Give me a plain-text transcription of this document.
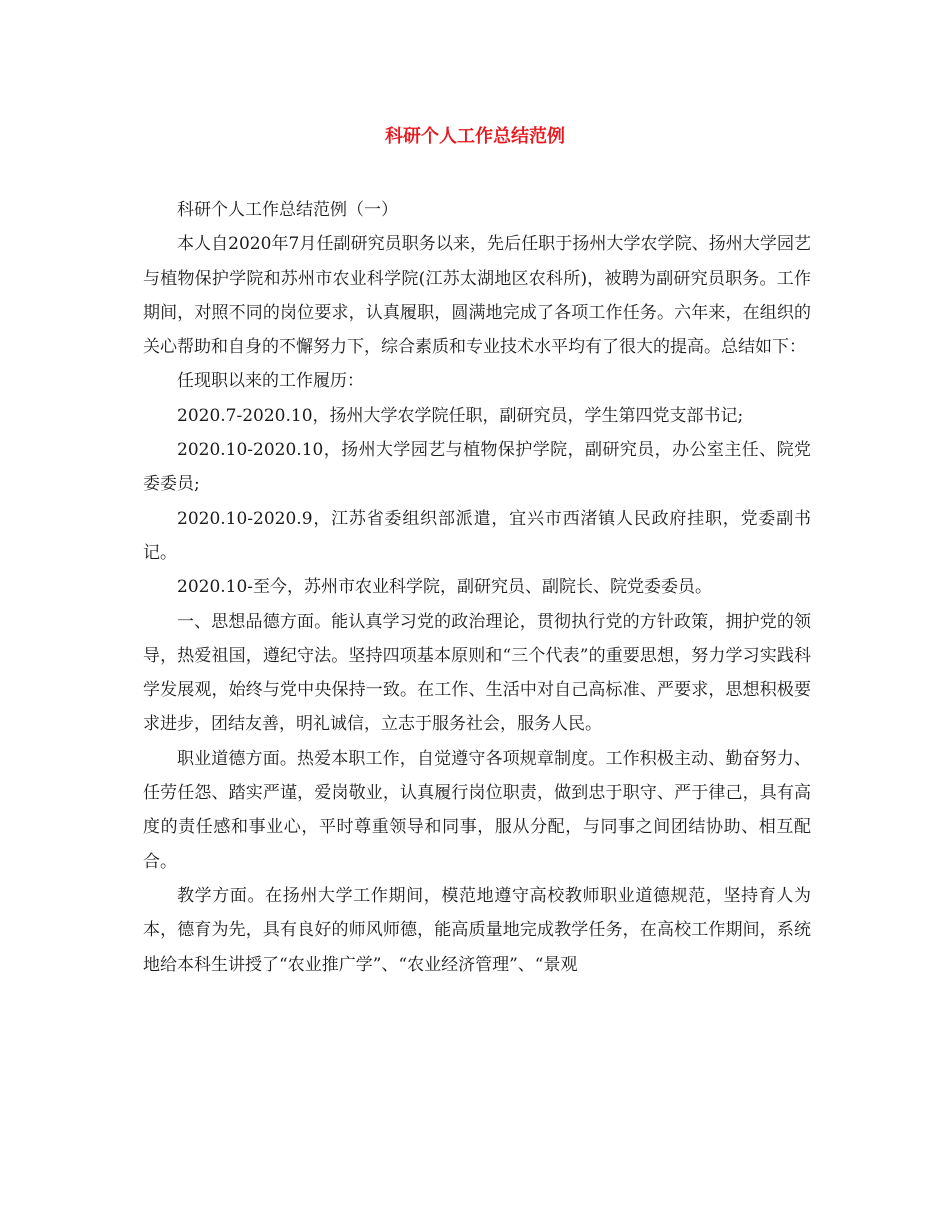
科研个人工作总结范例

科研个人工作总结范例（一）

本人自2020年7月任副研究员职务以来，先后任职于扬州大学农学院、扬州大学园艺与植物保护学院和苏州市农业科学院(江苏太湖地区农科所)，被聘为副研究员职务。工作期间，对照不同的岗位要求，认真履职，圆满地完成了各项工作任务。六年来，在组织的关心帮助和自身的不懈努力下，综合素质和专业技术水平均有了很大的提高。总结如下：

任现职以来的工作履历：

2020.7-2020.10，扬州大学农学院任职，副研究员，学生第四党支部书记;

2020.10-2020.10，扬州大学园艺与植物保护学院，副研究员，办公室主任、院党委委员;

2020.10-2020.9，江苏省委组织部派遣，宜兴市西渚镇人民政府挂职，党委副书记。

2020.10-至今，苏州市农业科学院，副研究员、副院长、院党委委员。

一、思想品德方面。能认真学习党的政治理论，贯彻执行党的方针政策，拥护党的领导，热爱祖国，遵纪守法。坚持四项基本原则和“三个代表”的重要思想，努力学习实践科学发展观，始终与党中央保持一致。在工作、生活中对自己高标准、严要求，思想积极要求进步，团结友善，明礼诚信，立志于服务社会，服务人民。

职业道德方面。热爱本职工作，自觉遵守各项规章制度。工作积极主动、勤奋努力、任劳任怨、踏实严谨，爱岗敬业，认真履行岗位职责，做到忠于职守、严于律己，具有高度的责任感和事业心，平时尊重领导和同事，服从分配，与同事之间团结协助、相互配合。

教学方面。在扬州大学工作期间，模范地遵守高校教师职业道德规范，坚持育人为本，德育为先，具有良好的师风师德，能高质量地完成教学任务，在高校工作期间，系统地给本科生讲授了“农业推广学”、“农业经济管理”、“景观
